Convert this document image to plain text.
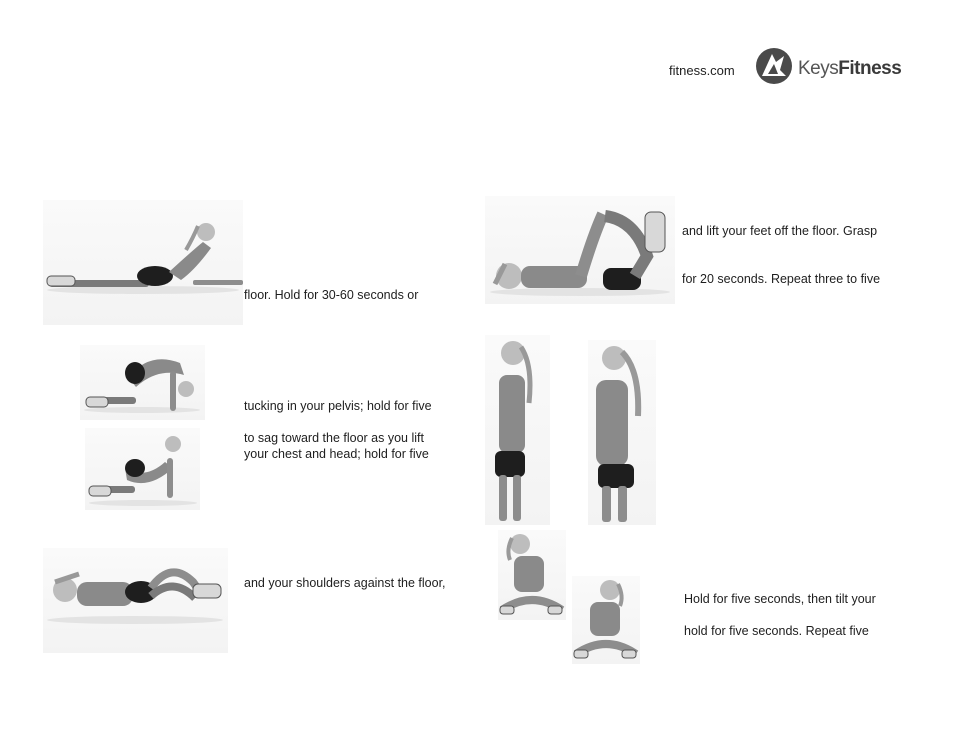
fitness.com	KeysFitness
floor. Hold for 30-60 seconds or
tucking in your pelvis; hold for five
to sag toward the floor as you lift
your chest and head; hold for five
and your shoulders against the floor,
and lift your feet off the floor. Grasp
for 20 seconds. Repeat three to five
Hold for five seconds, then tilt your
hold for five seconds. Repeat five
